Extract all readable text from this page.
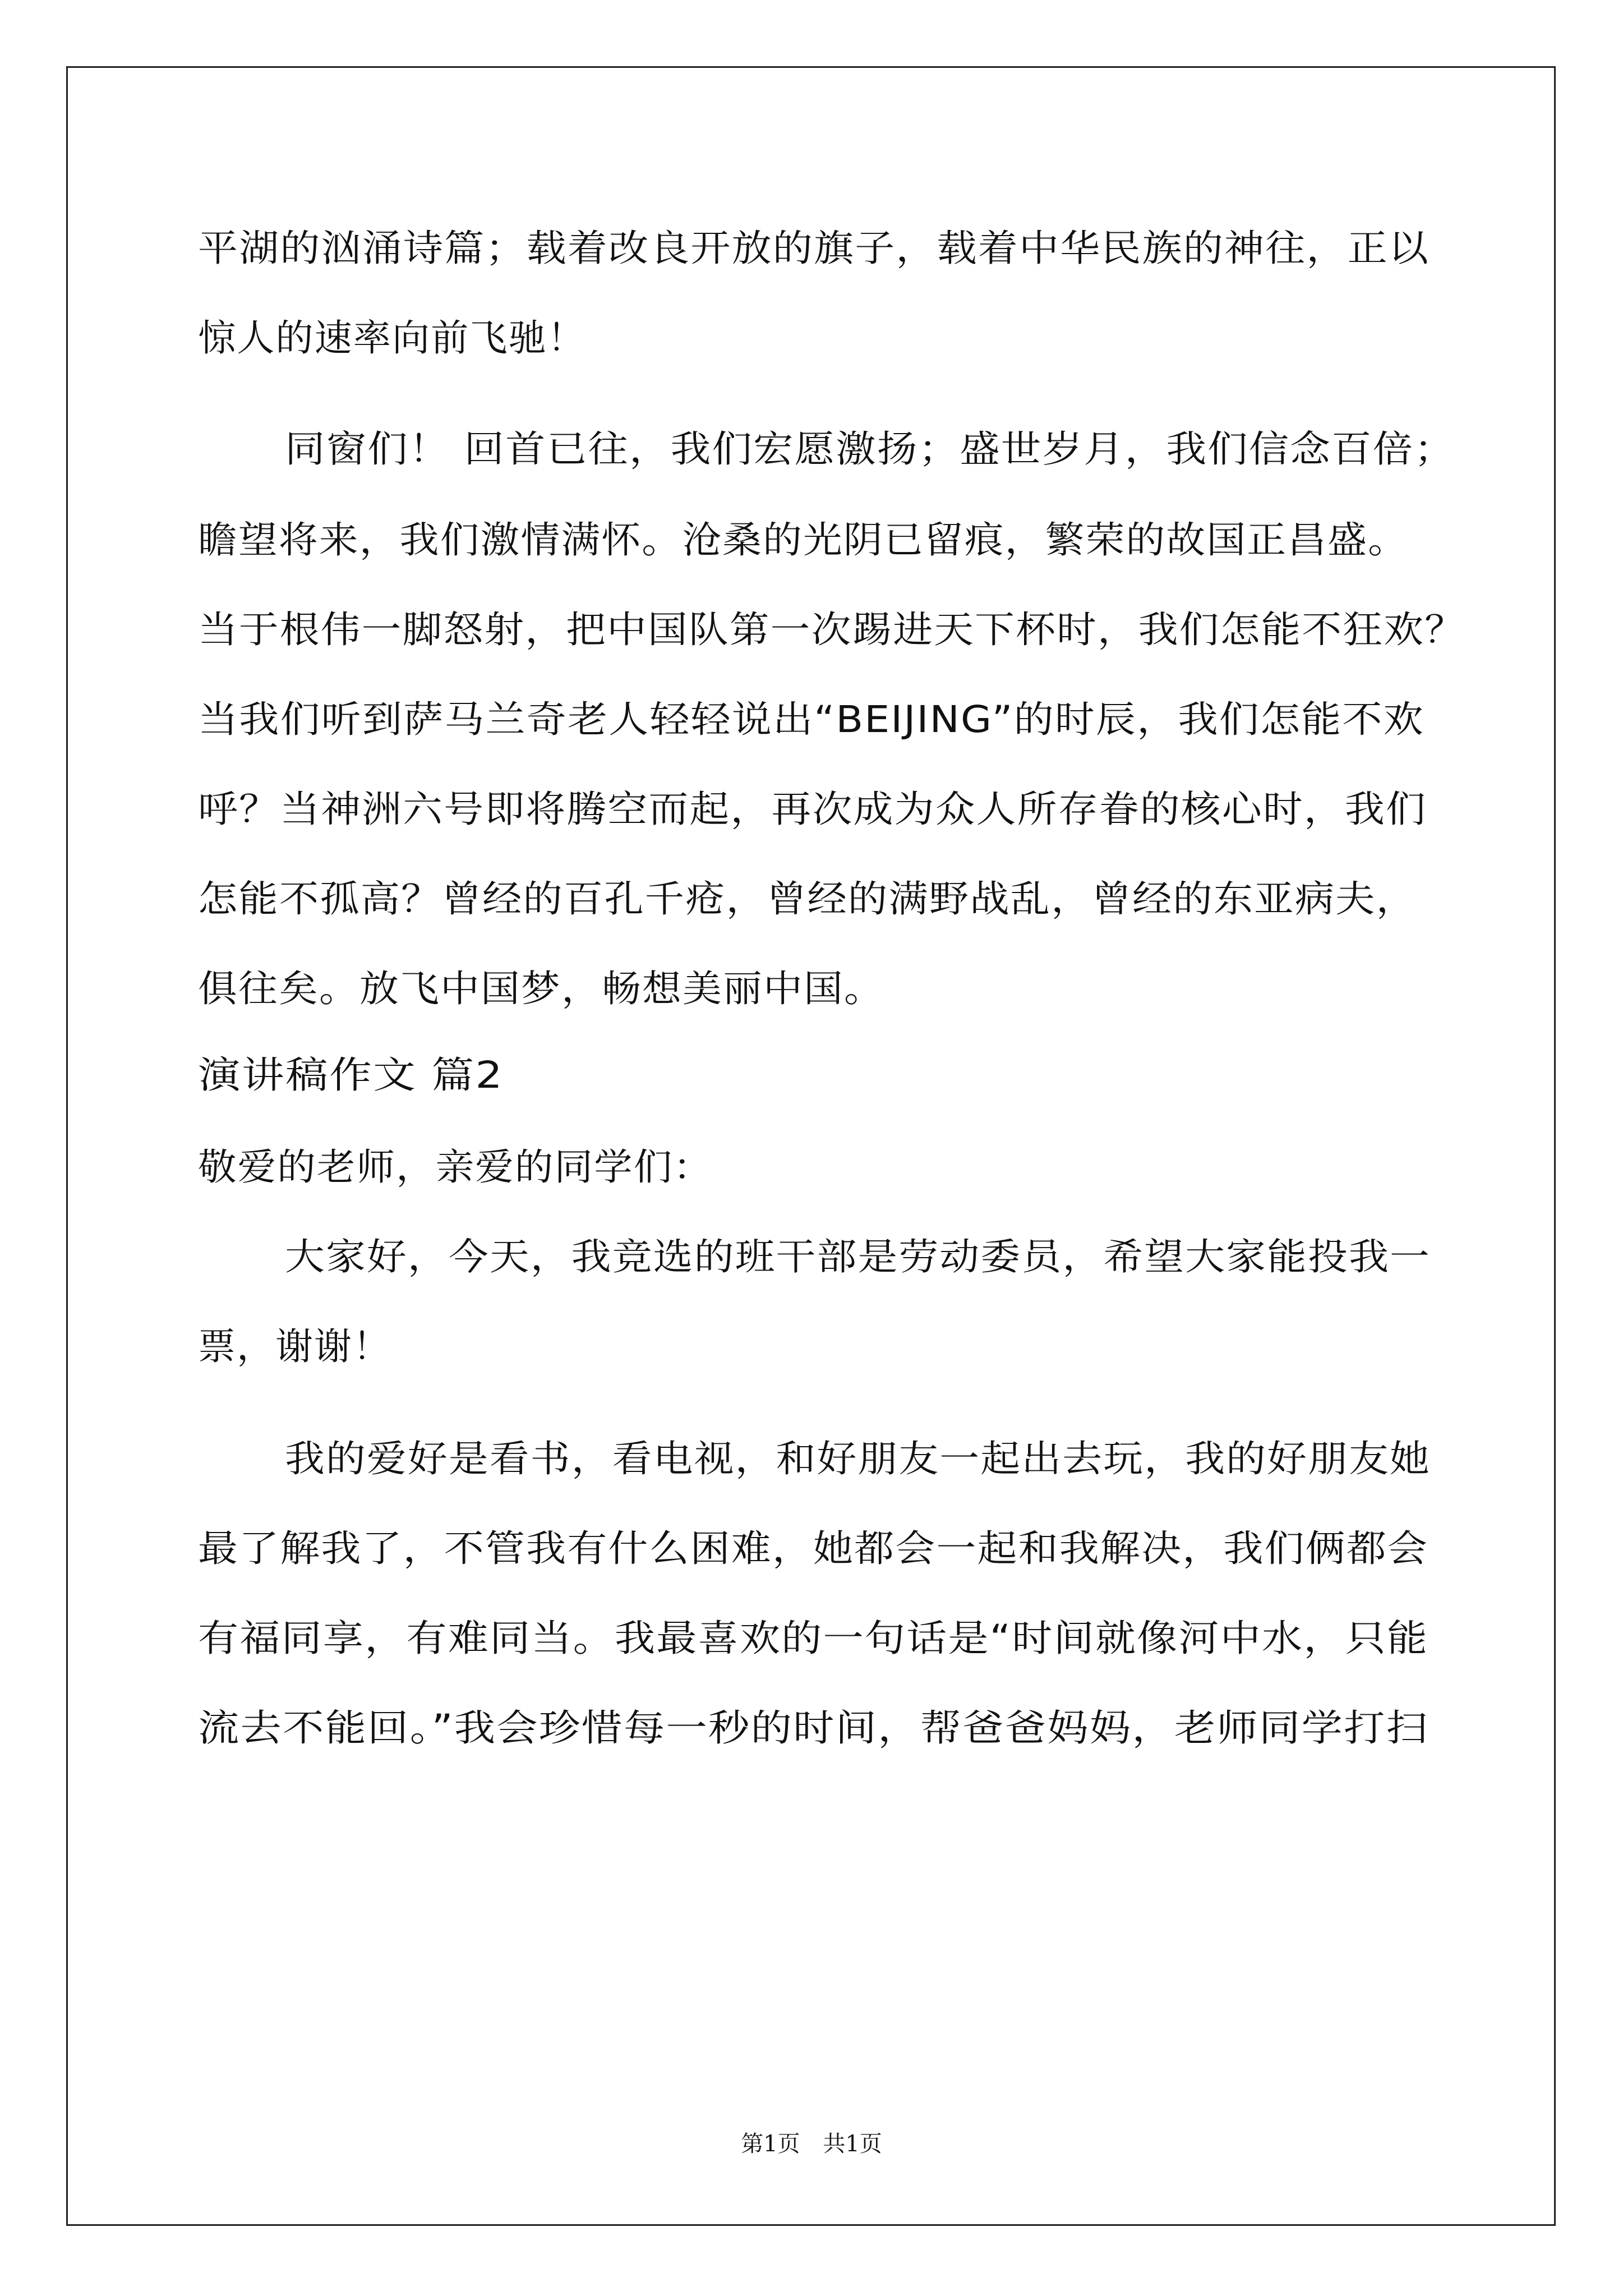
平湖的汹涌诗篇；载着改良开放的旗子，载着中华民族的神往，正以
惊人的速率向前飞驰！
同窗们！ 回首已往，我们宏愿激扬；盛世岁月，我们信念百倍；
瞻望将来，我们激情满怀。沧桑的光阴已留痕，繁荣的故国正昌盛。
当于根伟一脚怒射，把中国队第一次踢进天下杯时，我们怎能不狂欢？
当我们听到萨马兰奇老人轻轻说出“BEIJING”的时辰，我们怎能不欢
呼？当神洲六号即将腾空而起，再次成为众人所存眷的核心时，我们
怎能不孤高？曾经的百孔千疮，曾经的满野战乱，曾经的东亚病夫，
俱往矣。放飞中国梦，畅想美丽中国。
演讲稿作文 篇2
敬爱的老师，亲爱的同学们：
大家好，今天，我竞选的班干部是劳动委员，希望大家能投我一
票，谢谢！
我的爱好是看书，看电视，和好朋友一起出去玩，我的好朋友她
最了解我了，不管我有什么困难，她都会一起和我解决，我们俩都会
有福同享，有难同当。我最喜欢的一句话是“时间就像河中水，只能
流去不能回。”我会珍惜每一秒的时间，帮爸爸妈妈，老师同学打扫
第1页 共1页
